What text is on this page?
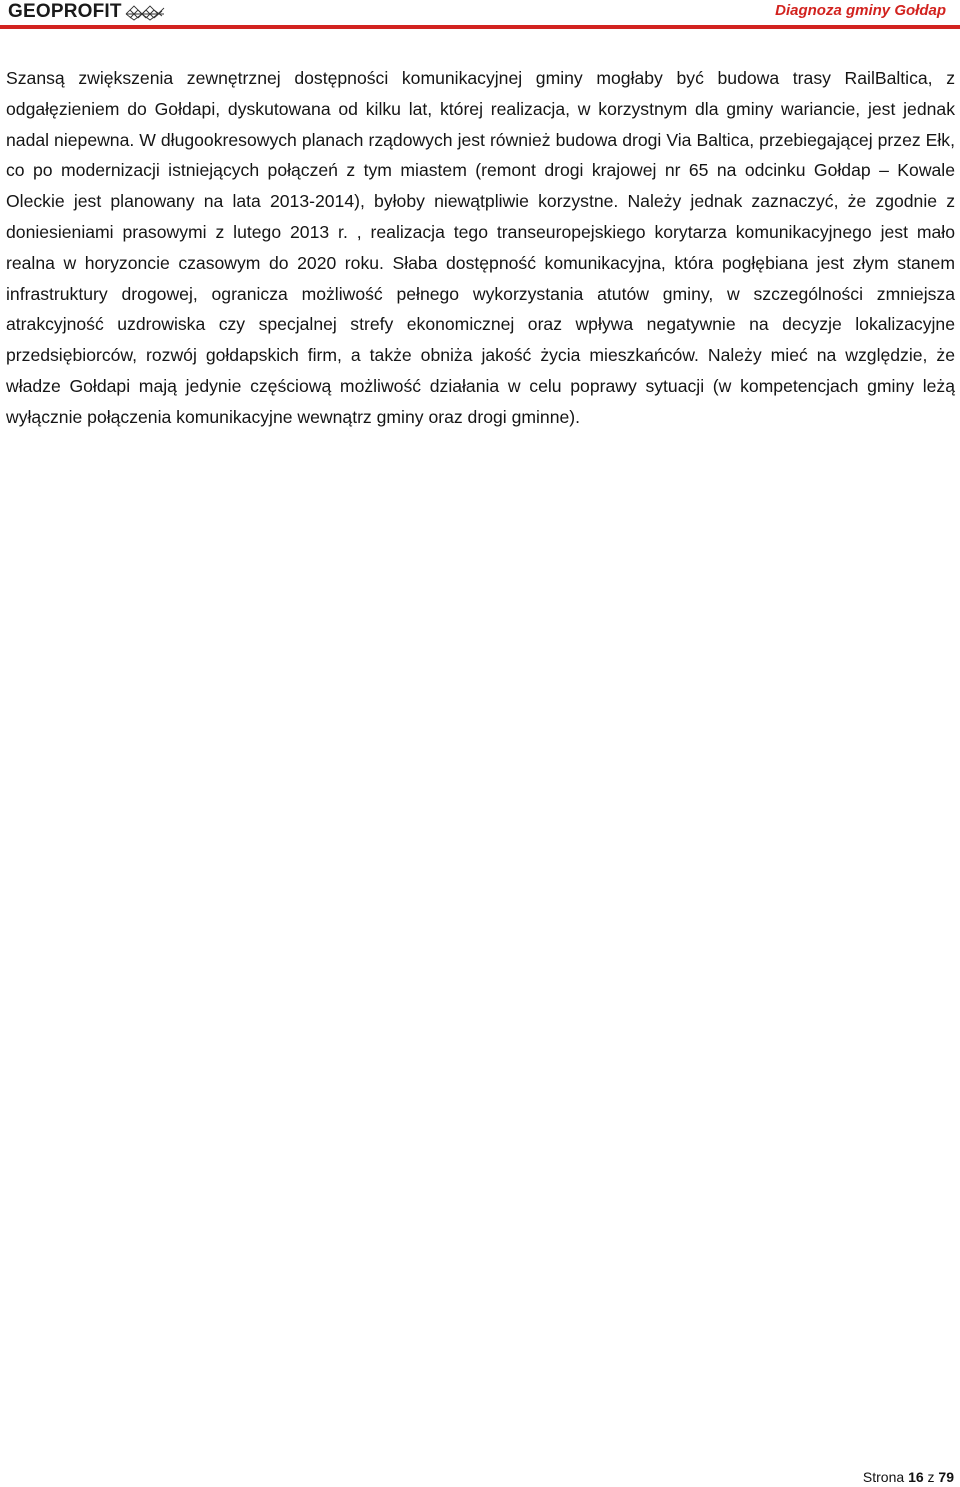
GEOPROFIT	Diagnoza gminy Gołdap

Szansą zwiększenia zewnętrznej dostępności komunikacyjnej gminy mogłaby być budowa trasy RailBaltica, z odgałęzieniem do Gołdapi, dyskutowana od kilku lat, której realizacja, w korzystnym dla gminy wariancie, jest jednak nadal niepewna. W długookresowych planach rządowych jest również budowa drogi Via Baltica, przebiegającej przez Ełk, co po modernizacji istniejących połączeń z tym miastem (remont drogi krajowej nr 65 na odcinku Gołdap – Kowale Oleckie jest planowany na lata 2013-2014), byłoby niewątpliwie korzystne. Należy jednak zaznaczyć, że zgodnie z doniesieniami prasowymi z lutego 2013 r. , realizacja tego transeuropejskiego korytarza komunikacyjnego jest mało realna w horyzoncie czasowym do 2020 roku. Słaba dostępność komunikacyjna, która pogłębiana jest złym stanem infrastruktury drogowej, ogranicza możliwość pełnego wykorzystania atutów gminy, w szczególności zmniejsza atrakcyjność uzdrowiska czy specjalnej strefy ekonomicznej oraz wpływa negatywnie na decyzje lokalizacyjne przedsiębiorców, rozwój gołdapskich firm, a także obniża jakość życia mieszkańców. Należy mieć na względzie, że władze Gołdapi mają jedynie częściową możliwość działania w celu poprawy sytuacji (w kompetencjach gminy leżą wyłącznie połączenia komunikacyjne wewnątrz gminy oraz drogi gminne).

Strona 16 z 79
